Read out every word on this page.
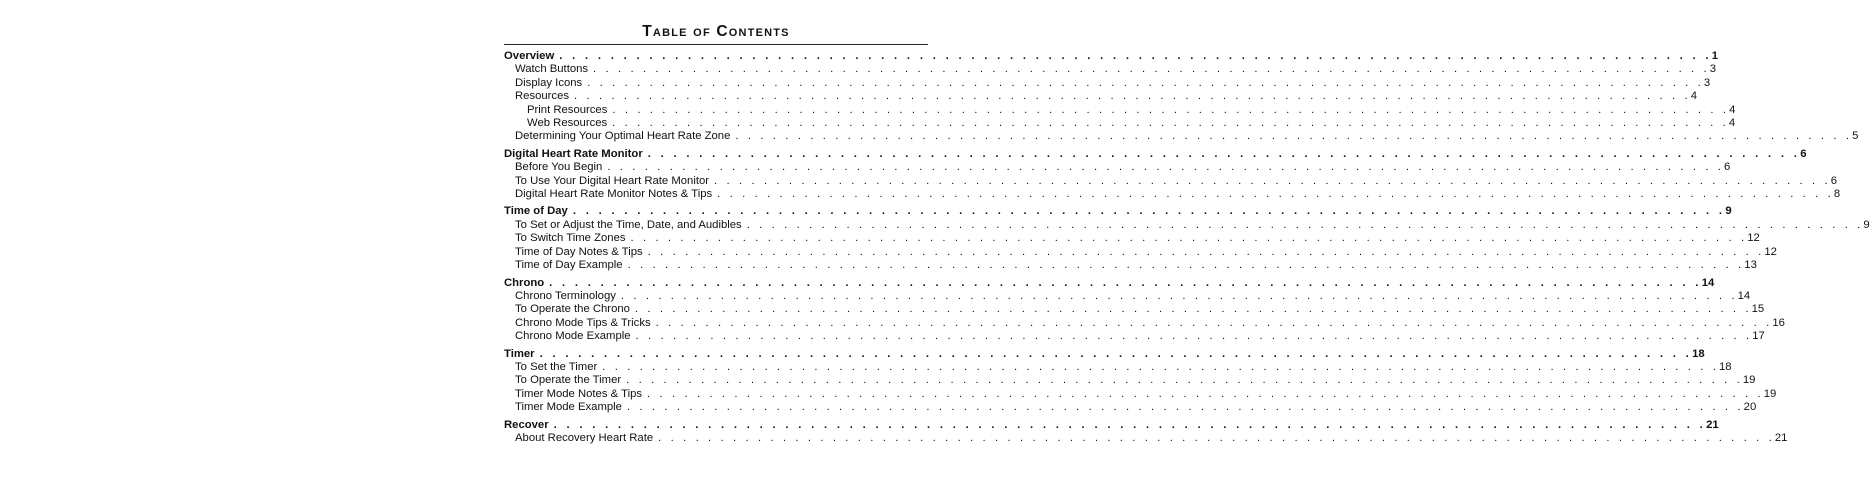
Table of Contents
Overview . . . . . . . . . . . . . . . . . . . . . . . . . . . . . . . . . . . . . . . . . . . . . . . . . . . . . . . . . . . . . . . . . . . . . . . . . . . . . . . . . . . . . . . . . . 1
Watch Buttons . . . . . . . . . . . . . . . . . . . . . . . . . . . . . . . . . . . . . . . . . . . . . . . . . . . . . . . . . . . . . . . . . . . . . . . . . . . . . . . . . . . . . . . . . . 3
Display Icons . . . . . . . . . . . . . . . . . . . . . . . . . . . . . . . . . . . . . . . . . . . . . . . . . . . . . . . . . . . . . . . . . . . . . . . . . . . . . . . . . . . . . . . . . . 3
Resources . . . . . . . . . . . . . . . . . . . . . . . . . . . . . . . . . . . . . . . . . . . . . . . . . . . . . . . . . . . . . . . . . . . . . . . . . . . . . . . . . . . . . . . . . . 4
Print Resources . . . . . . . . . . . . . . . . . . . . . . . . . . . . . . . . . . . . . . . . . . . . . . . . . . . . . . . . . . . . . . . . . . . . . . . . . . . . . . . . . . . . . . . . . . 4
Web Resources . . . . . . . . . . . . . . . . . . . . . . . . . . . . . . . . . . . . . . . . . . . . . . . . . . . . . . . . . . . . . . . . . . . . . . . . . . . . . . . . . . . . . . . . . . 4
Determining Your Optimal Heart Rate Zone . . . . . . . . . . . . . . . . . . . . . . . . . . . . . . . . . . . . . . . . . . . . . . . . . . . . . . . . . . . . . . . . . . . . . . . . . . . . . . . . . . . . . . . . . . 5
Digital Heart Rate Monitor . . . . . . . . . . . . . . . . . . . . . . . . . . . . . . . . . . . . . . . . . . . . . . . . . . . . . . . . . . . . . . . . . . . . . . . . . . . . . . . . . . . . . . . . . . 6
Before You Begin . . . . . . . . . . . . . . . . . . . . . . . . . . . . . . . . . . . . . . . . . . . . . . . . . . . . . . . . . . . . . . . . . . . . . . . . . . . . . . . . . . . . . . . . . . 6
To Use Your Digital Heart Rate Monitor . . . . . . . . . . . . . . . . . . . . . . . . . . . . . . . . . . . . . . . . . . . . . . . . . . . . . . . . . . . . . . . . . . . . . . . . . . . . . . . . . . . . . . . . . . 6
Digital Heart Rate Monitor Notes & Tips . . . . . . . . . . . . . . . . . . . . . . . . . . . . . . . . . . . . . . . . . . . . . . . . . . . . . . . . . . . . . . . . . . . . . . . . . . . . . . . . . . . . . . . . . . 8
Time of Day . . . . . . . . . . . . . . . . . . . . . . . . . . . . . . . . . . . . . . . . . . . . . . . . . . . . . . . . . . . . . . . . . . . . . . . . . . . . . . . . . . . . . . . . . . 9
To Set or Adjust the Time, Date, and Audibles . . . . . . . . . . . . . . . . . . . . . . . . . . . . . . . . . . . . . . . . . . . . . . . . . . . . . . . . . . . . . . . . . . . . . . . . . . . . . . . . . . . . . . . . . . 9
To Switch Time Zones . . . . . . . . . . . . . . . . . . . . . . . . . . . . . . . . . . . . . . . . . . . . . . . . . . . . . . . . . . . . . . . . . . . . . . . . . . . . . . . . . . . . . . . . . . 12
Time of Day Notes & Tips . . . . . . . . . . . . . . . . . . . . . . . . . . . . . . . . . . . . . . . . . . . . . . . . . . . . . . . . . . . . . . . . . . . . . . . . . . . . . . . . . . . . . . . . . . 12
Time of Day Example . . . . . . . . . . . . . . . . . . . . . . . . . . . . . . . . . . . . . . . . . . . . . . . . . . . . . . . . . . . . . . . . . . . . . . . . . . . . . . . . . . . . . . . . . . 13
Chrono . . . . . . . . . . . . . . . . . . . . . . . . . . . . . . . . . . . . . . . . . . . . . . . . . . . . . . . . . . . . . . . . . . . . . . . . . . . . . . . . . . . . . . . . . . 14
Chrono Terminology . . . . . . . . . . . . . . . . . . . . . . . . . . . . . . . . . . . . . . . . . . . . . . . . . . . . . . . . . . . . . . . . . . . . . . . . . . . . . . . . . . . . . . . . . . 14
To Operate the Chrono . . . . . . . . . . . . . . . . . . . . . . . . . . . . . . . . . . . . . . . . . . . . . . . . . . . . . . . . . . . . . . . . . . . . . . . . . . . . . . . . . . . . . . . . . . 15
Chrono Mode Tips & Tricks . . . . . . . . . . . . . . . . . . . . . . . . . . . . . . . . . . . . . . . . . . . . . . . . . . . . . . . . . . . . . . . . . . . . . . . . . . . . . . . . . . . . . . . . . . 16
Chrono Mode Example . . . . . . . . . . . . . . . . . . . . . . . . . . . . . . . . . . . . . . . . . . . . . . . . . . . . . . . . . . . . . . . . . . . . . . . . . . . . . . . . . . . . . . . . . . 17
Timer . . . . . . . . . . . . . . . . . . . . . . . . . . . . . . . . . . . . . . . . . . . . . . . . . . . . . . . . . . . . . . . . . . . . . . . . . . . . . . . . . . . . . . . . . . 18
To Set the Timer . . . . . . . . . . . . . . . . . . . . . . . . . . . . . . . . . . . . . . . . . . . . . . . . . . . . . . . . . . . . . . . . . . . . . . . . . . . . . . . . . . . . . . . . . . 18
To Operate the Timer . . . . . . . . . . . . . . . . . . . . . . . . . . . . . . . . . . . . . . . . . . . . . . . . . . . . . . . . . . . . . . . . . . . . . . . . . . . . . . . . . . . . . . . . . . 19
Timer Mode Notes & Tips . . . . . . . . . . . . . . . . . . . . . . . . . . . . . . . . . . . . . . . . . . . . . . . . . . . . . . . . . . . . . . . . . . . . . . . . . . . . . . . . . . . . . . . . . . 19
Timer Mode Example . . . . . . . . . . . . . . . . . . . . . . . . . . . . . . . . . . . . . . . . . . . . . . . . . . . . . . . . . . . . . . . . . . . . . . . . . . . . . . . . . . . . . . . . . . 20
Recover . . . . . . . . . . . . . . . . . . . . . . . . . . . . . . . . . . . . . . . . . . . . . . . . . . . . . . . . . . . . . . . . . . . . . . . . . . . . . . . . . . . . . . . . . . 21
About Recovery Heart Rate . . . . . . . . . . . . . . . . . . . . . . . . . . . . . . . . . . . . . . . . . . . . . . . . . . . . . . . . . . . . . . . . . . . . . . . . . . . . . . . . . . . . . . . . . . 21
